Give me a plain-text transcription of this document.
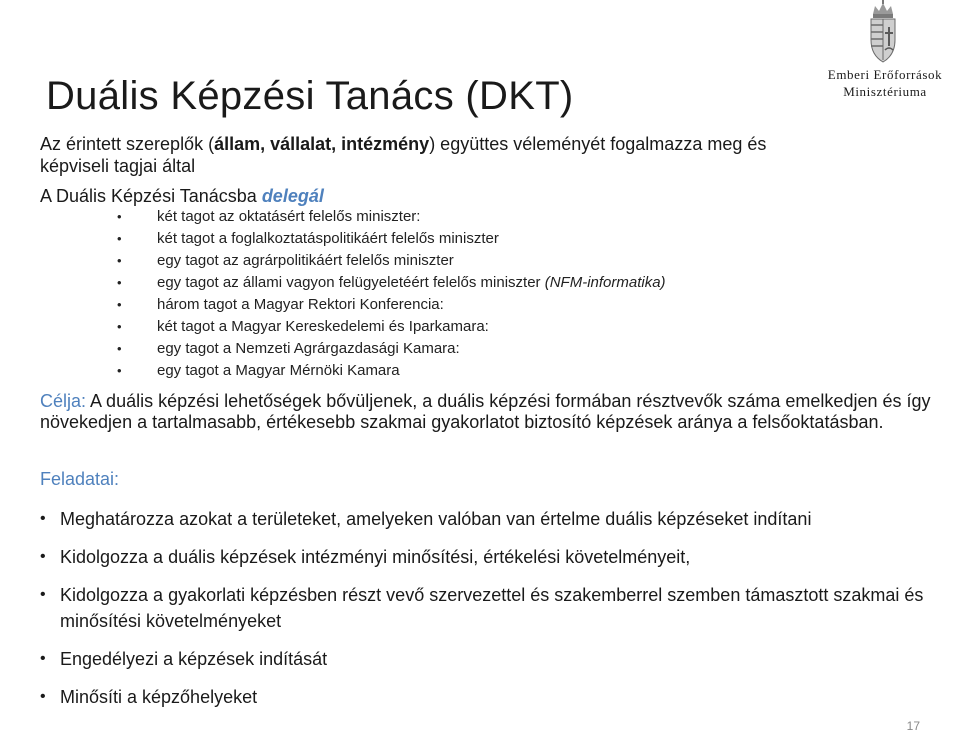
Duális Képzési Tanács (DKT)	Emberi Erőforrások
Minisztériuma
Az érintett szereplők (állam, vállalat, intézmény) együttes véleményét fogalmazza meg és
képviseli tagjai által
A Duális Képzési Tanácsba delegál
• két tagot az oktatásért felelős miniszter:
• két tagot a foglalkoztatáspolitikáért felelős miniszter
• egy tagot az agrárpolitikáért felelős miniszter
• egy tagot az állami vagyon felügyeletéért felelős miniszter (NFM-informatika)
• három tagot a Magyar Rektori Konferencia:
• két tagot a Magyar Kereskedelemi és Iparkamara:
• egy tagot a Nemzeti Agrárgazdasági Kamara:
• egy tagot a Magyar Mérnöki Kamara
Célja: A duális képzési lehetőségek bővüljenek, a duális képzési formában résztvevők száma emelkedjen és így növekedjen a tartalmasabb, értékesebb szakmai gyakorlatot biztosító képzések aránya a felsőoktatásban.
Feladatai:
• Meghatározza azokat a területeket, amelyeken valóban van értelme duális képzéseket indítani
• Kidolgozza a duális képzések intézményi minősítési, értékelési követelményeit,
• Kidolgozza a gyakorlati képzésben részt vevő szervezettel és szakemberrel szemben támasztott szakmai és minősítési követelményeket
• Engedélyezi a képzések indítását
• Minősíti a képzőhelyeket
17
